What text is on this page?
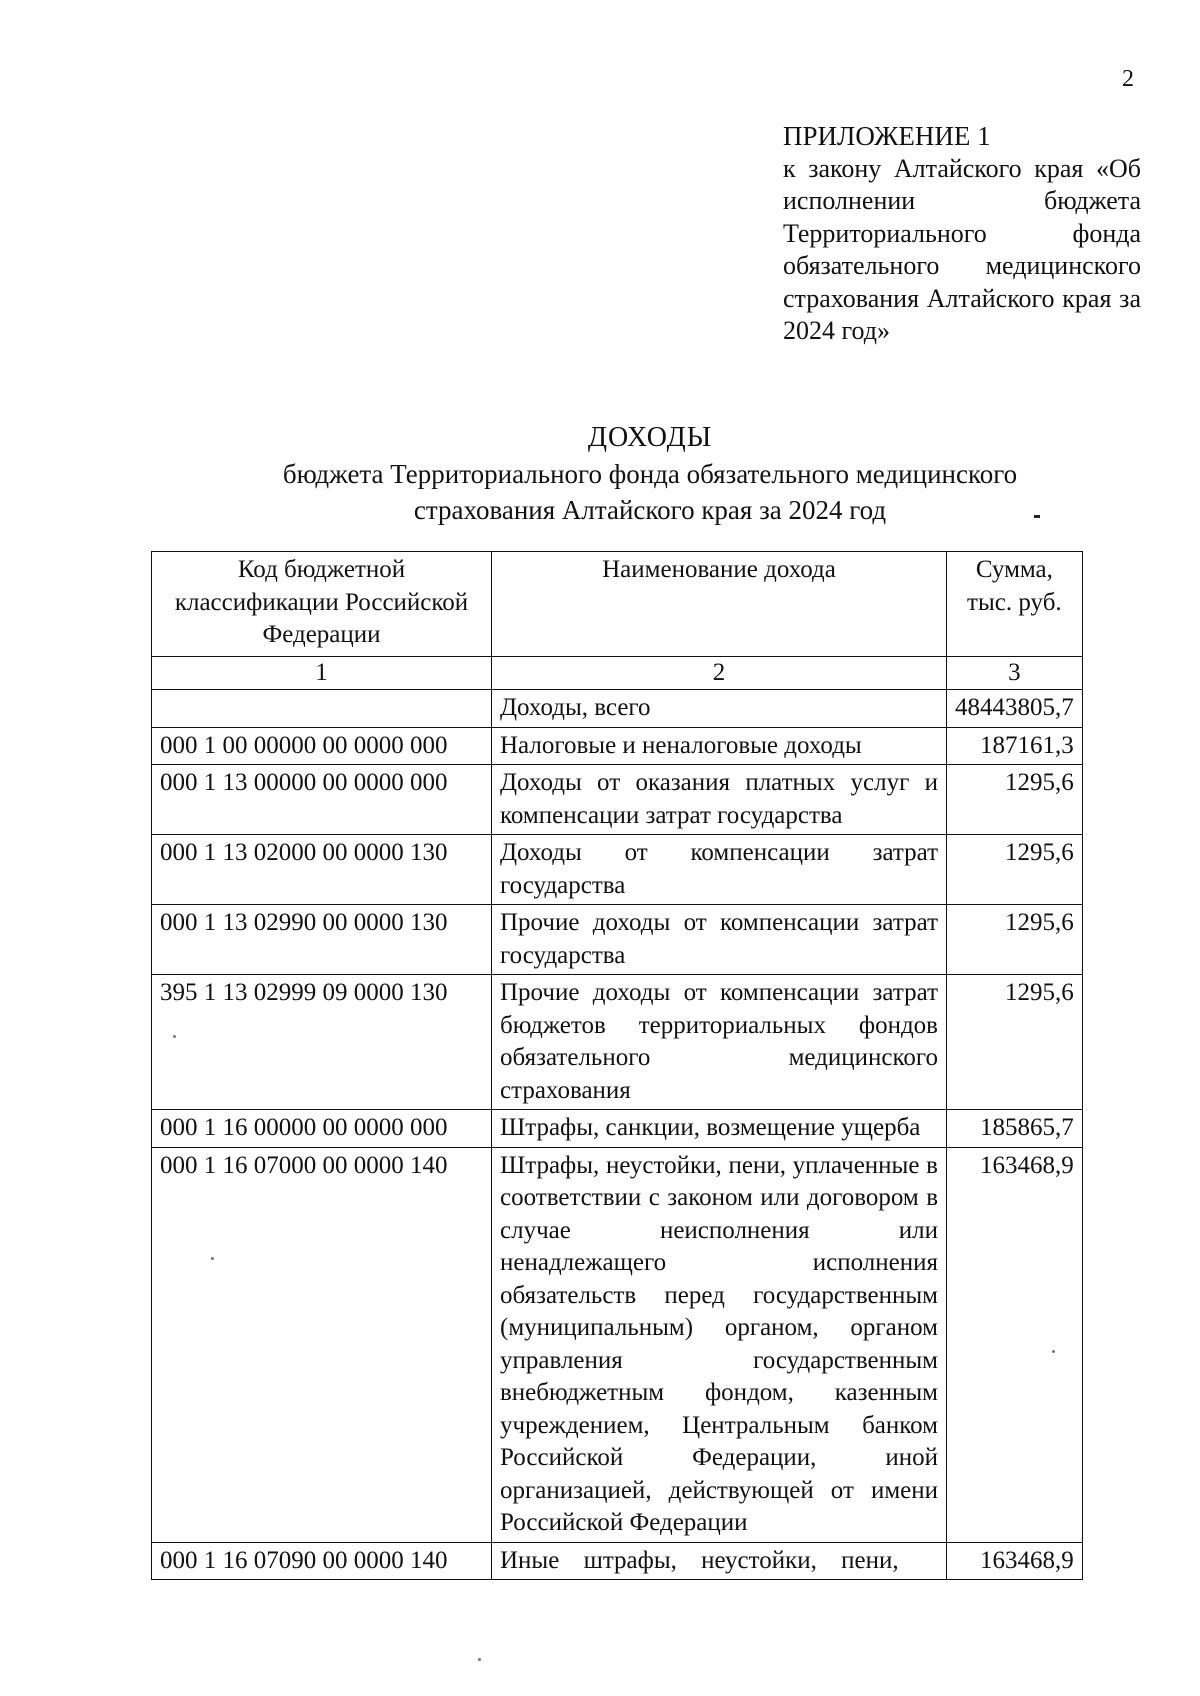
2
ПРИЛОЖЕНИЕ 1
к закону Алтайского края «Об исполнении бюджета Территориального фонда обязательного медицинского страхования Алтайского края за 2024 год»
ДОХОДЫ
бюджета Территориального фонда обязательного медицинского страхования Алтайского края за 2024 год
Код бюджетной классификации Российской Федерации	Наименование дохода	Сумма, тыс. руб.
1	2	3
	Доходы, всего	48443805,7
000 1 00 00000 00 0000 000	Налоговые и неналоговые доходы	187161,3
000 1 13 00000 00 0000 000	Доходы от оказания платных услуг и компенсации затрат государства	1295,6
000 1 13 02000 00 0000 130	Доходы от компенсации затрат государства	1295,6
000 1 13 02990 00 0000 130	Прочие доходы от компенсации затрат государства	1295,6
395 1 13 02999 09 0000 130	Прочие доходы от компенсации затрат бюджетов территориальных фондов обязательного медицинского страхования	1295,6
000 1 16 00000 00 0000 000	Штрафы, санкции, возмещение ущерба	185865,7
000 1 16 07000 00 0000 140	Штрафы, неустойки, пени, уплаченные в соответствии с законом или договором в случае неисполнения или ненадлежащего исполнения обязательств перед государственным (муниципальным) органом, органом управления государственным внебюджетным фондом, казенным учреждением, Центральным банком Российской Федерации, иной организацией, действующей от имени Российской Федерации	163468,9
000 1 16 07090 00 0000 140	Иные штрафы, неустойки, пени,	163468,9
